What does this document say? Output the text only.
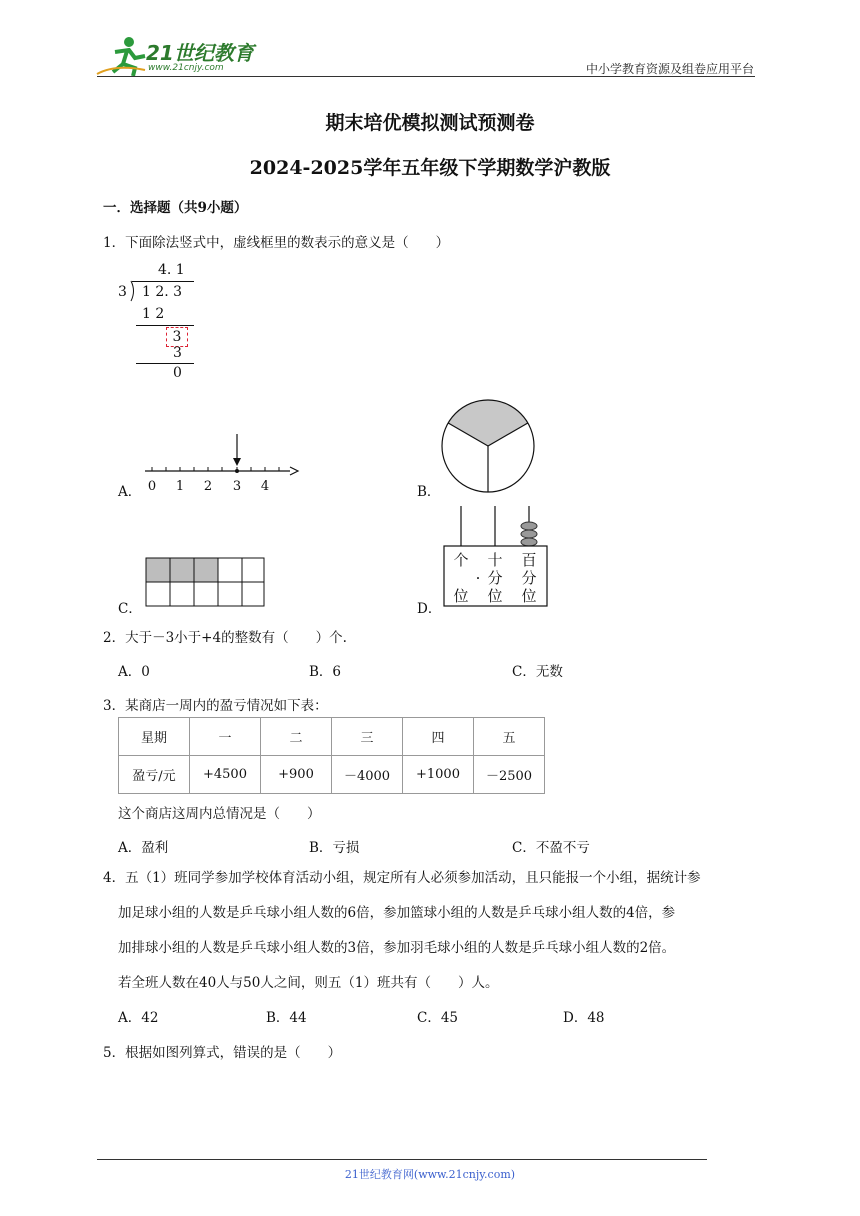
21世纪教育
www.21cnjy.com	中小学教育资源及组卷应用平台
期末培优模拟测试预测卷
2024-2025学年五年级下学期数学沪教版
一．选择题（共9小题）
1．下面除法竖式中，虚线框里的数表示的意义是（　　）
4. 1
3 1 2. 3
1 2
3
3
0
A． 0 1 2 3 4	B．
C．	D．
个
位
·
十
分
位
百
分
位
2．大于－3小于+4的整数有（　　）个.
A．0	B．6	C．无数
3．某商店一周内的盈亏情况如下表：
星期	一	二	三	四	五
盈亏/元	+4500	+900	－4000	+1000	－2500
这个商店这周内总情况是（　　）
A．盈利	B．亏损	C．不盈不亏
4．五（1）班同学参加学校体育活动小组，规定所有人必须参加活动，且只能报一个小组，据统计参
加足球小组的人数是乒乓球小组人数的6倍，参加篮球小组的人数是乒乓球小组人数的4倍，参
加排球小组的人数是乒乓球小组人数的3倍，参加羽毛球小组的人数是乒乓球小组人数的2倍。
若全班人数在40人与50人之间，则五（1）班共有（　　）人。
A．42	B．44	C．45	D．48
5．根据如图列算式，错误的是（　　）
21世纪教育网(www.21cnjy.com)
